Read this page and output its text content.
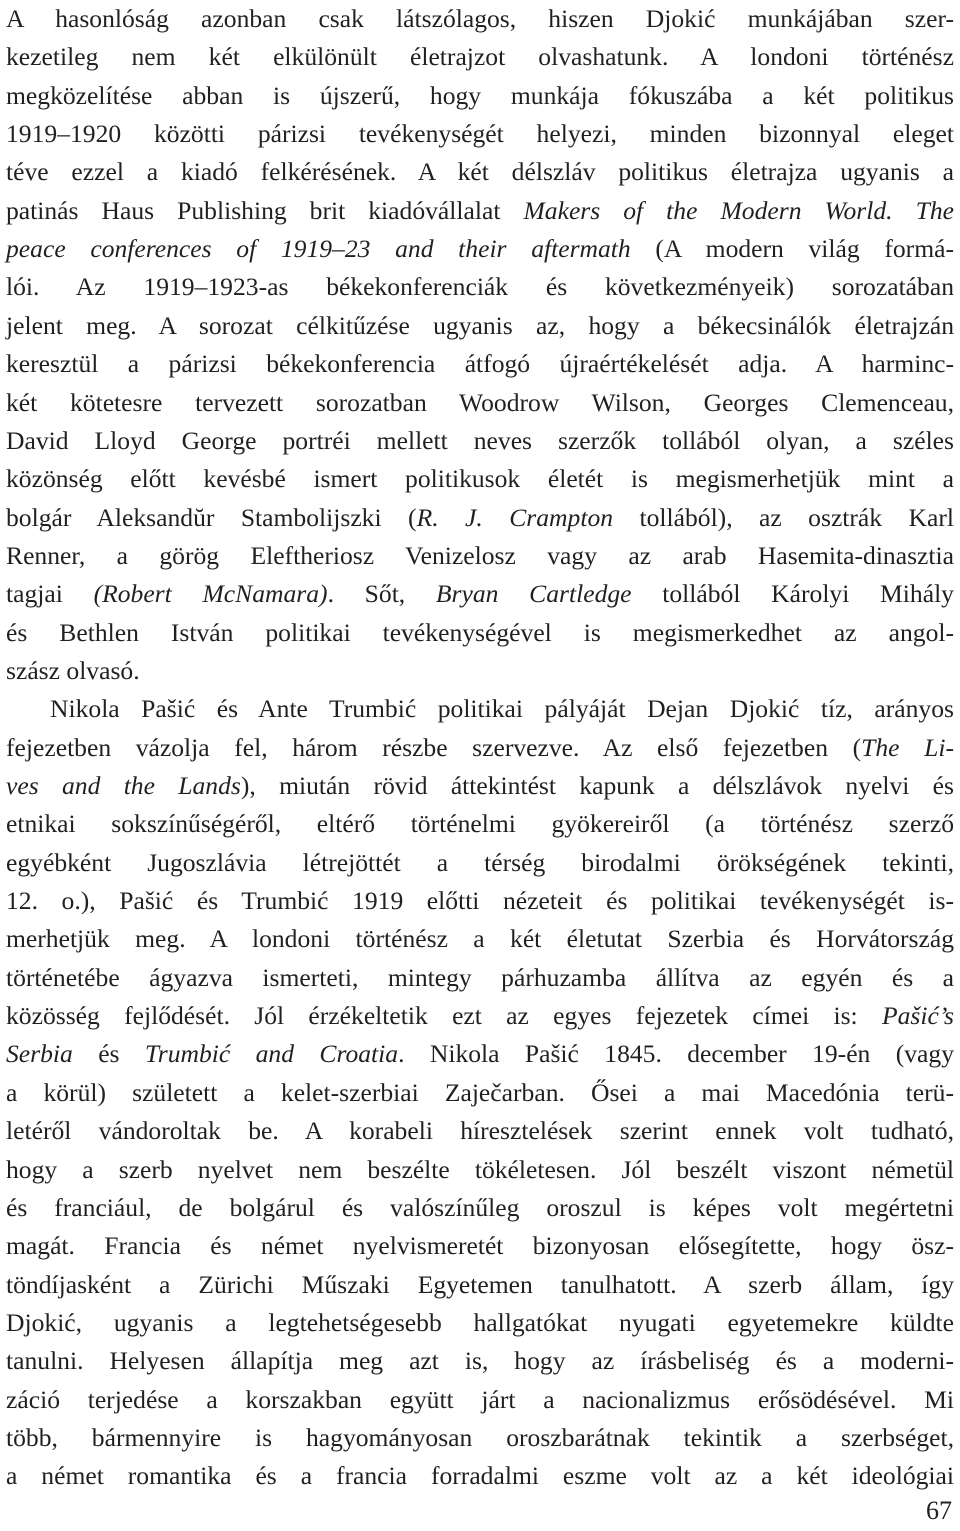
A hasonlóság azonban csak látszólagos, hiszen Djokić munkájában szer-
kezetileg nem két elkülönült életrajzot olvashatunk. A londoni történész
megközelítése abban is újszerű, hogy munkája fókuszába a két politikus
1919–1920 közötti párizsi tevékenységét helyezi, minden bizonnyal eleget
téve ezzel a kiadó felkérésének. A két délszláv politikus életrajza ugyanis a
patinás Haus Publishing brit kiadóvállalat Makers of the Modern World. The
peace conferences of 1919–23 and their aftermath (A modern világ formá-
lói. Az 1919–1923-as békekonferenciák és következményeik) sorozatában
jelent meg. A sorozat célkitűzése ugyanis az, hogy a békecsinálók életrajzán
keresztül a párizsi békekonferencia átfogó újraértékelését adja. A harminc-
két kötetesre tervezett sorozatban Woodrow Wilson, Georges Clemenceau,
David Lloyd George portréi mellett neves szerzők tollából olyan, a széles
közönség előtt kevésbé ismert politikusok életét is megismerhetjük mint a
bolgár Aleksandŭr Stambolijszki (R. J. Crampton tollából), az osztrák Karl
Renner, a görög Eleftheriosz Venizelosz vagy az arab Hasemita-dinasztia
tagjai (Robert McNamara). Sőt, Bryan Cartledge tollából Károlyi Mihály
és Bethlen István politikai tevékenységével is megismerkedhet az angol-
szász olvasó.
Nikola Pašić és Ante Trumbić politikai pályáját Dejan Djokić tíz, arányos
fejezetben vázolja fel, három részbe szervezve. Az első fejezetben (The Li-
ves and the Lands), miután rövid áttekintést kapunk a délszlávok nyelvi és
etnikai sokszínűségéről, eltérő történelmi gyökereiről (a történész szerző
egyébként Jugoszlávia létrejöttét a térség birodalmi örökségének tekinti,
12. o.), Pašić és Trumbić 1919 előtti nézeteit és politikai tevékenységét is-
merhetjük meg. A londoni történész a két életutat Szerbia és Horvátország
történetébe ágyazva ismerteti, mintegy párhuzamba állítva az egyén és a
közösség fejlődését. Jól érzékeltetik ezt az egyes fejezetek címei is: Pašić’s
Serbia és Trumbić and Croatia. Nikola Pašić 1845. december 19-én (vagy
a körül) született a kelet-szerbiai Zaječarban. Ősei a mai Macedónia terü-
letéről vándoroltak be. A korabeli híresztelések szerint ennek volt tudható,
hogy a szerb nyelvet nem beszélte tökéletesen. Jól beszélt viszont németül
és franciául, de bolgárul és valószínűleg oroszul is képes volt megértetni
magát. Francia és német nyelvismeretét bizonyosan elősegítette, hogy ösz-
töndíjasként a Zürichi Műszaki Egyetemen tanulhatott. A szerb állam, így
Djokić, ugyanis a legtehetségesebb hallgatókat nyugati egyetemekre küldte
tanulni. Helyesen állapítja meg azt is, hogy az írásbeliség és a moderni-
záció terjedése a korszakban együtt járt a nacionalizmus erősödésével. Mi
több, bármennyire is hagyományosan oroszbarátnak tekintik a szerbséget,
a német romantika és a francia forradalmi eszme volt az a két ideológiai
67
